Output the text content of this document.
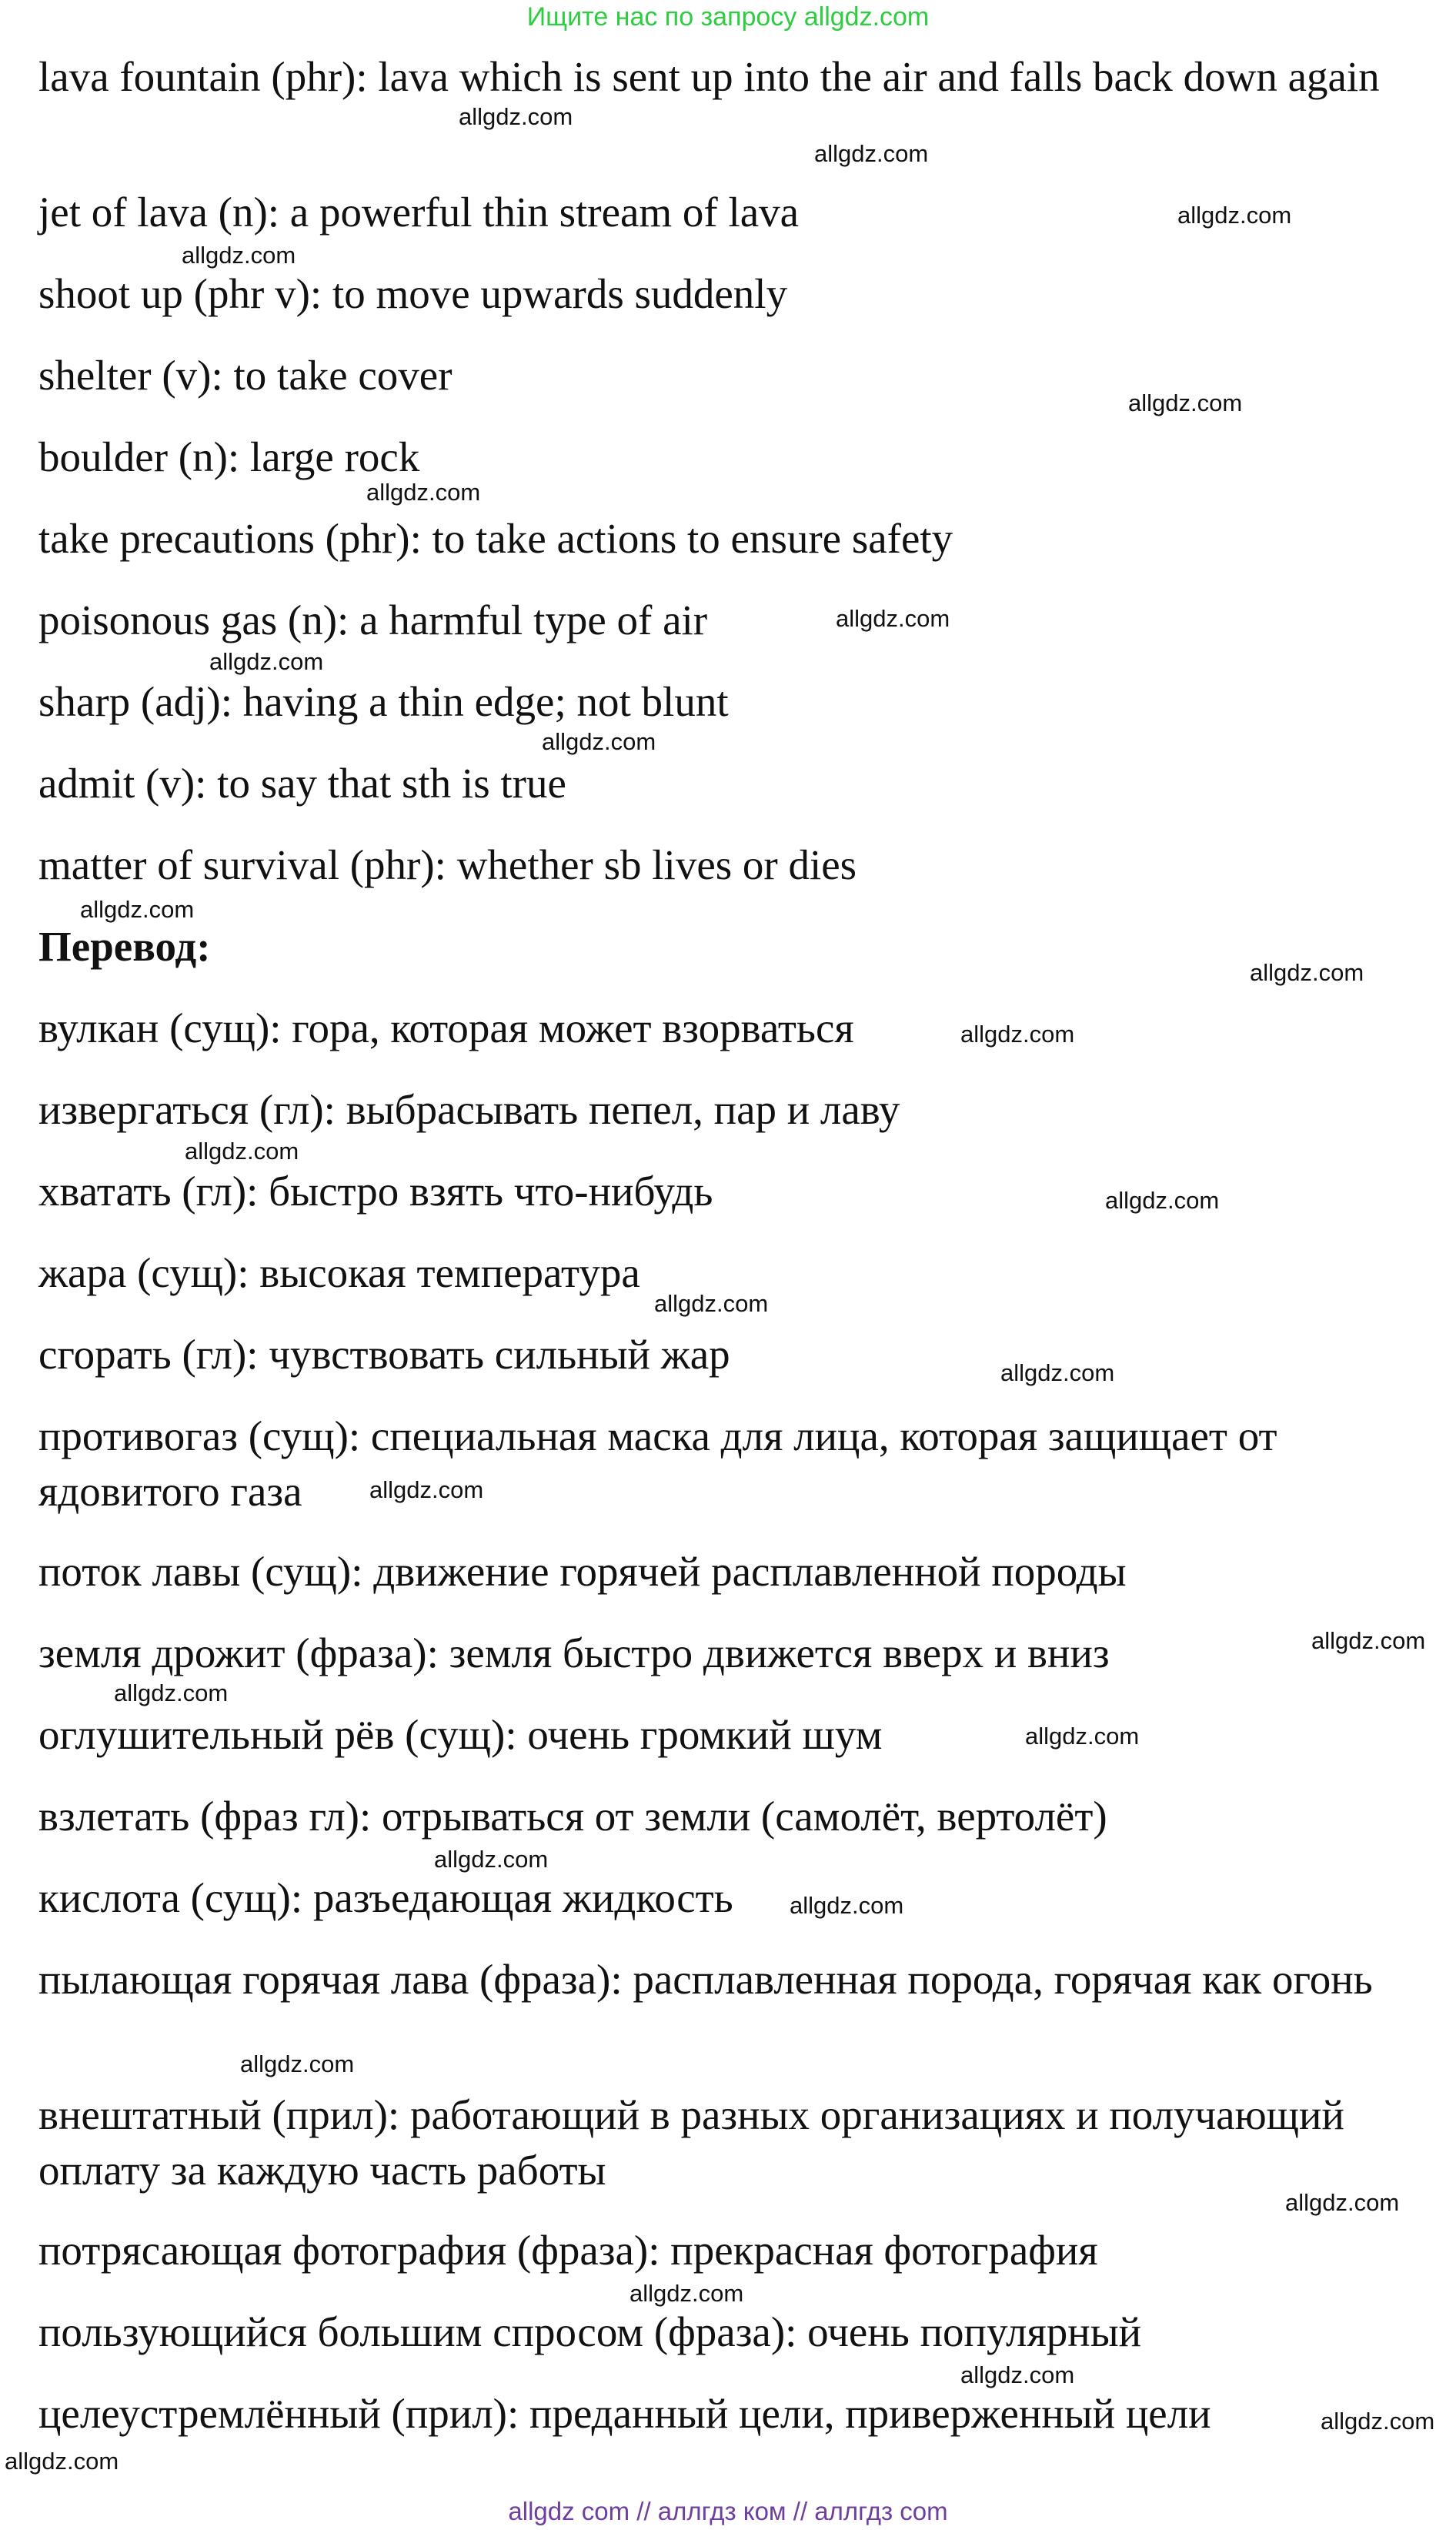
Ищите нас по запросу allgdz.com
lava fountain (phr): lava which is sent up into the air and falls back down again
jet of lava (n): a powerful thin stream of lava
shoot up (phr v): to move upwards suddenly
shelter (v): to take cover
boulder (n): large rock
take precautions (phr): to take actions to ensure safety
poisonous gas (n): a harmful type of air
sharp (adj): having a thin edge; not blunt
admit (v): to say that sth is true
matter of survival (phr): whether sb lives or dies
Перевод:
вулкан (сущ): гора, которая может взорваться
извергаться (гл): выбрасывать пепел, пар и лаву
хватать (гл): быстро взять что-нибудь
жара (сущ): высокая температура
сгорать (гл): чувствовать сильный жар
противогаз (сущ): специальная маска для лица, которая защищает от ядовитого газа
поток лавы (сущ): движение горячей расплавленной породы
земля дрожит (фраза): земля быстро движется вверх и вниз
оглушительный рёв (сущ): очень громкий шум
взлетать (фраз гл): отрываться от земли (самолёт, вертолёт)
кислота (сущ): разъедающая жидкость
пылающая горячая лава (фраза): расплавленная порода, горячая как огонь
внештатный (прил): работающий в разных организациях и получающий оплату за каждую часть работы
потрясающая фотография (фраза): прекрасная фотография
пользующийся большим спросом (фраза): очень популярный
целеустремлённый (прил): преданный цели, приверженный цели
allgdz.com
allgdz.com
allgdz.com
allgdz.com
allgdz.com
allgdz.com
allgdz.com
allgdz.com
allgdz.com
allgdz.com
allgdz.com
allgdz.com
allgdz.com
allgdz.com
allgdz.com
allgdz.com
allgdz.com
allgdz.com
allgdz.com
allgdz.com
allgdz.com
allgdz.com
allgdz.com
allgdz.com
allgdz.com
allgdz.com
allgdz.com
allgdz.com
allgdz com // аллгдз ком // аллгдз com
